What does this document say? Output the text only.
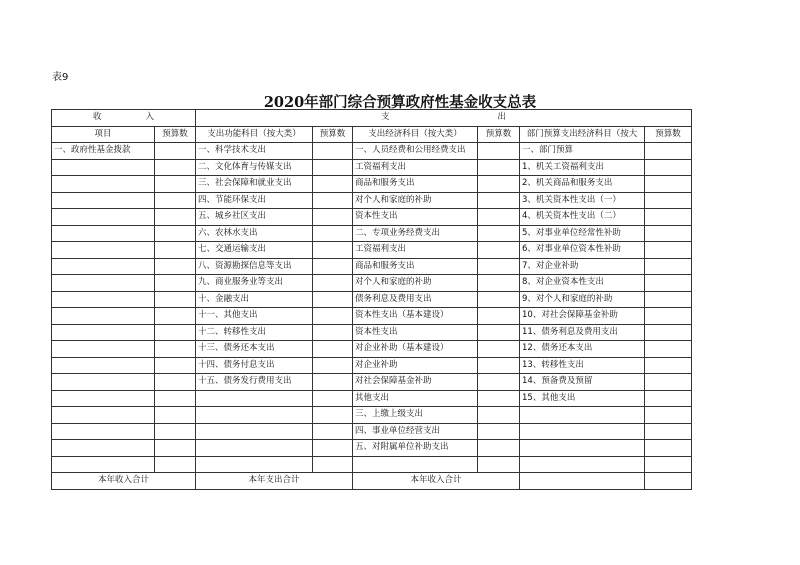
表9
2020年部门综合预算政府性基金收支总表
收 入		支 出					
项目	预算数	支出功能科目（按大类）	预算数	支出经济科目（按大类）	预算数	部门预算支出经济科目（按大	预算数
一、政府性基金拨款		一、科学技术支出		一、人员经费和公用经费支出		一、部门预算	
		二、文化体育与传媒支出		工资福利支出		1、机关工资福利支出	
		三、社会保障和就业支出		商品和服务支出		2、机关商品和服务支出	
		四、节能环保支出		对个人和家庭的补助		3、机关资本性支出（一）	
		五、城乡社区支出		资本性支出		4、机关资本性支出（二）	
		六、农林水支出		二、专项业务经费支出		5、对事业单位经常性补助	
		七、交通运输支出		工资福利支出		6、对事业单位资本性补助	
		八、资源勘探信息等支出		商品和服务支出		7、对企业补助	
		九、商业服务业等支出		对个人和家庭的补助		8、对企业资本性支出	
		十、金融支出		债务利息及费用支出		9、对个人和家庭的补助	
		十一、其他支出		资本性支出（基本建设）		10、对社会保障基金补助	
		十二、转移性支出		资本性支出		11、债务利息及费用支出	
		十三、债务还本支出		对企业补助（基本建设）		12、债务还本支出	
		十四、债务付息支出		对企业补助		13、转移性支出	
		十五、债务发行费用支出		对社会保障基金补助		14、预备费及预留	
				其他支出		15、其他支出	
				三、上缴上级支出			
				四、事业单位经营支出			
				五、对附属单位补助支出			

本年收入合计		本年支出合计		本年收入合计			
